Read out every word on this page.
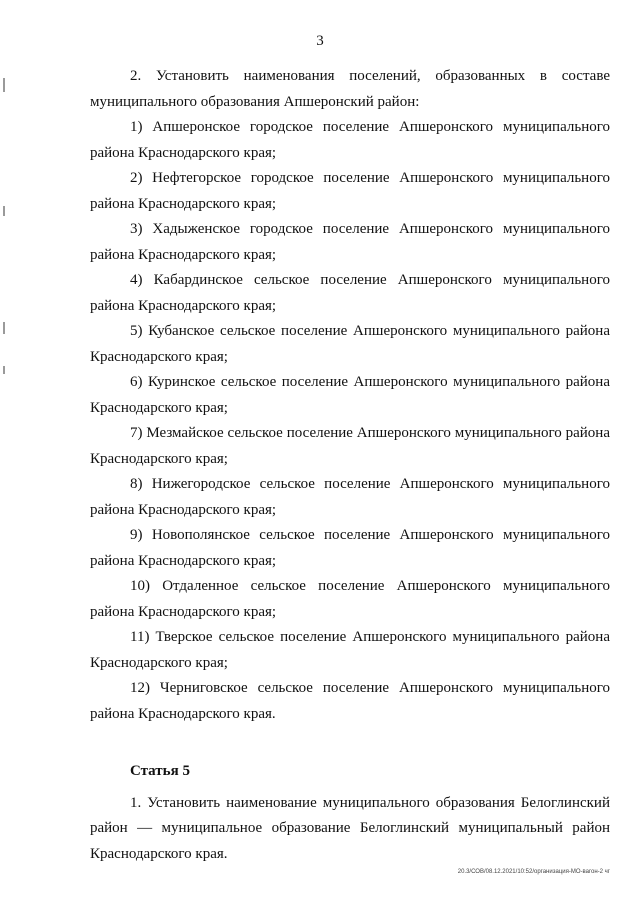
3

2. Установить наименования поселений, образованных в составе муниципального образования Апшеронский район:

1) Апшеронское городское поселение Апшеронского муниципального района Краснодарского края;

2) Нефтегорское городское поселение Апшеронского муниципального района Краснодарского края;

3) Хадыженское городское поселение Апшеронского муниципального района Краснодарского края;

4) Кабардинское сельское поселение Апшеронского муниципального района Краснодарского края;

5) Кубанское сельское поселение Апшеронского муниципального района Краснодарского края;

6) Куринское сельское поселение Апшеронского муниципального района Краснодарского края;

7) Мезмайское сельское поселение Апшеронского муниципального района Краснодарского края;

8) Нижегородское сельское поселение Апшеронского муниципального района Краснодарского края;

9) Новополянское сельское поселение Апшеронского муниципального района Краснодарского края;

10) Отдаленное сельское поселение Апшеронского муниципального района Краснодарского края;

11) Тверское сельское поселение Апшеронского муниципального района Краснодарского края;

12) Черниговское сельское поселение Апшеронского муниципального района Краснодарского края.

Статья 5

1. Установить наименование муниципального образования Белоглинский район — муниципальное образование Белоглинский муниципальный район Краснодарского края.

20.3/СОВ/08.12.2021/10:52/организация-МО-вагон-2 чг
